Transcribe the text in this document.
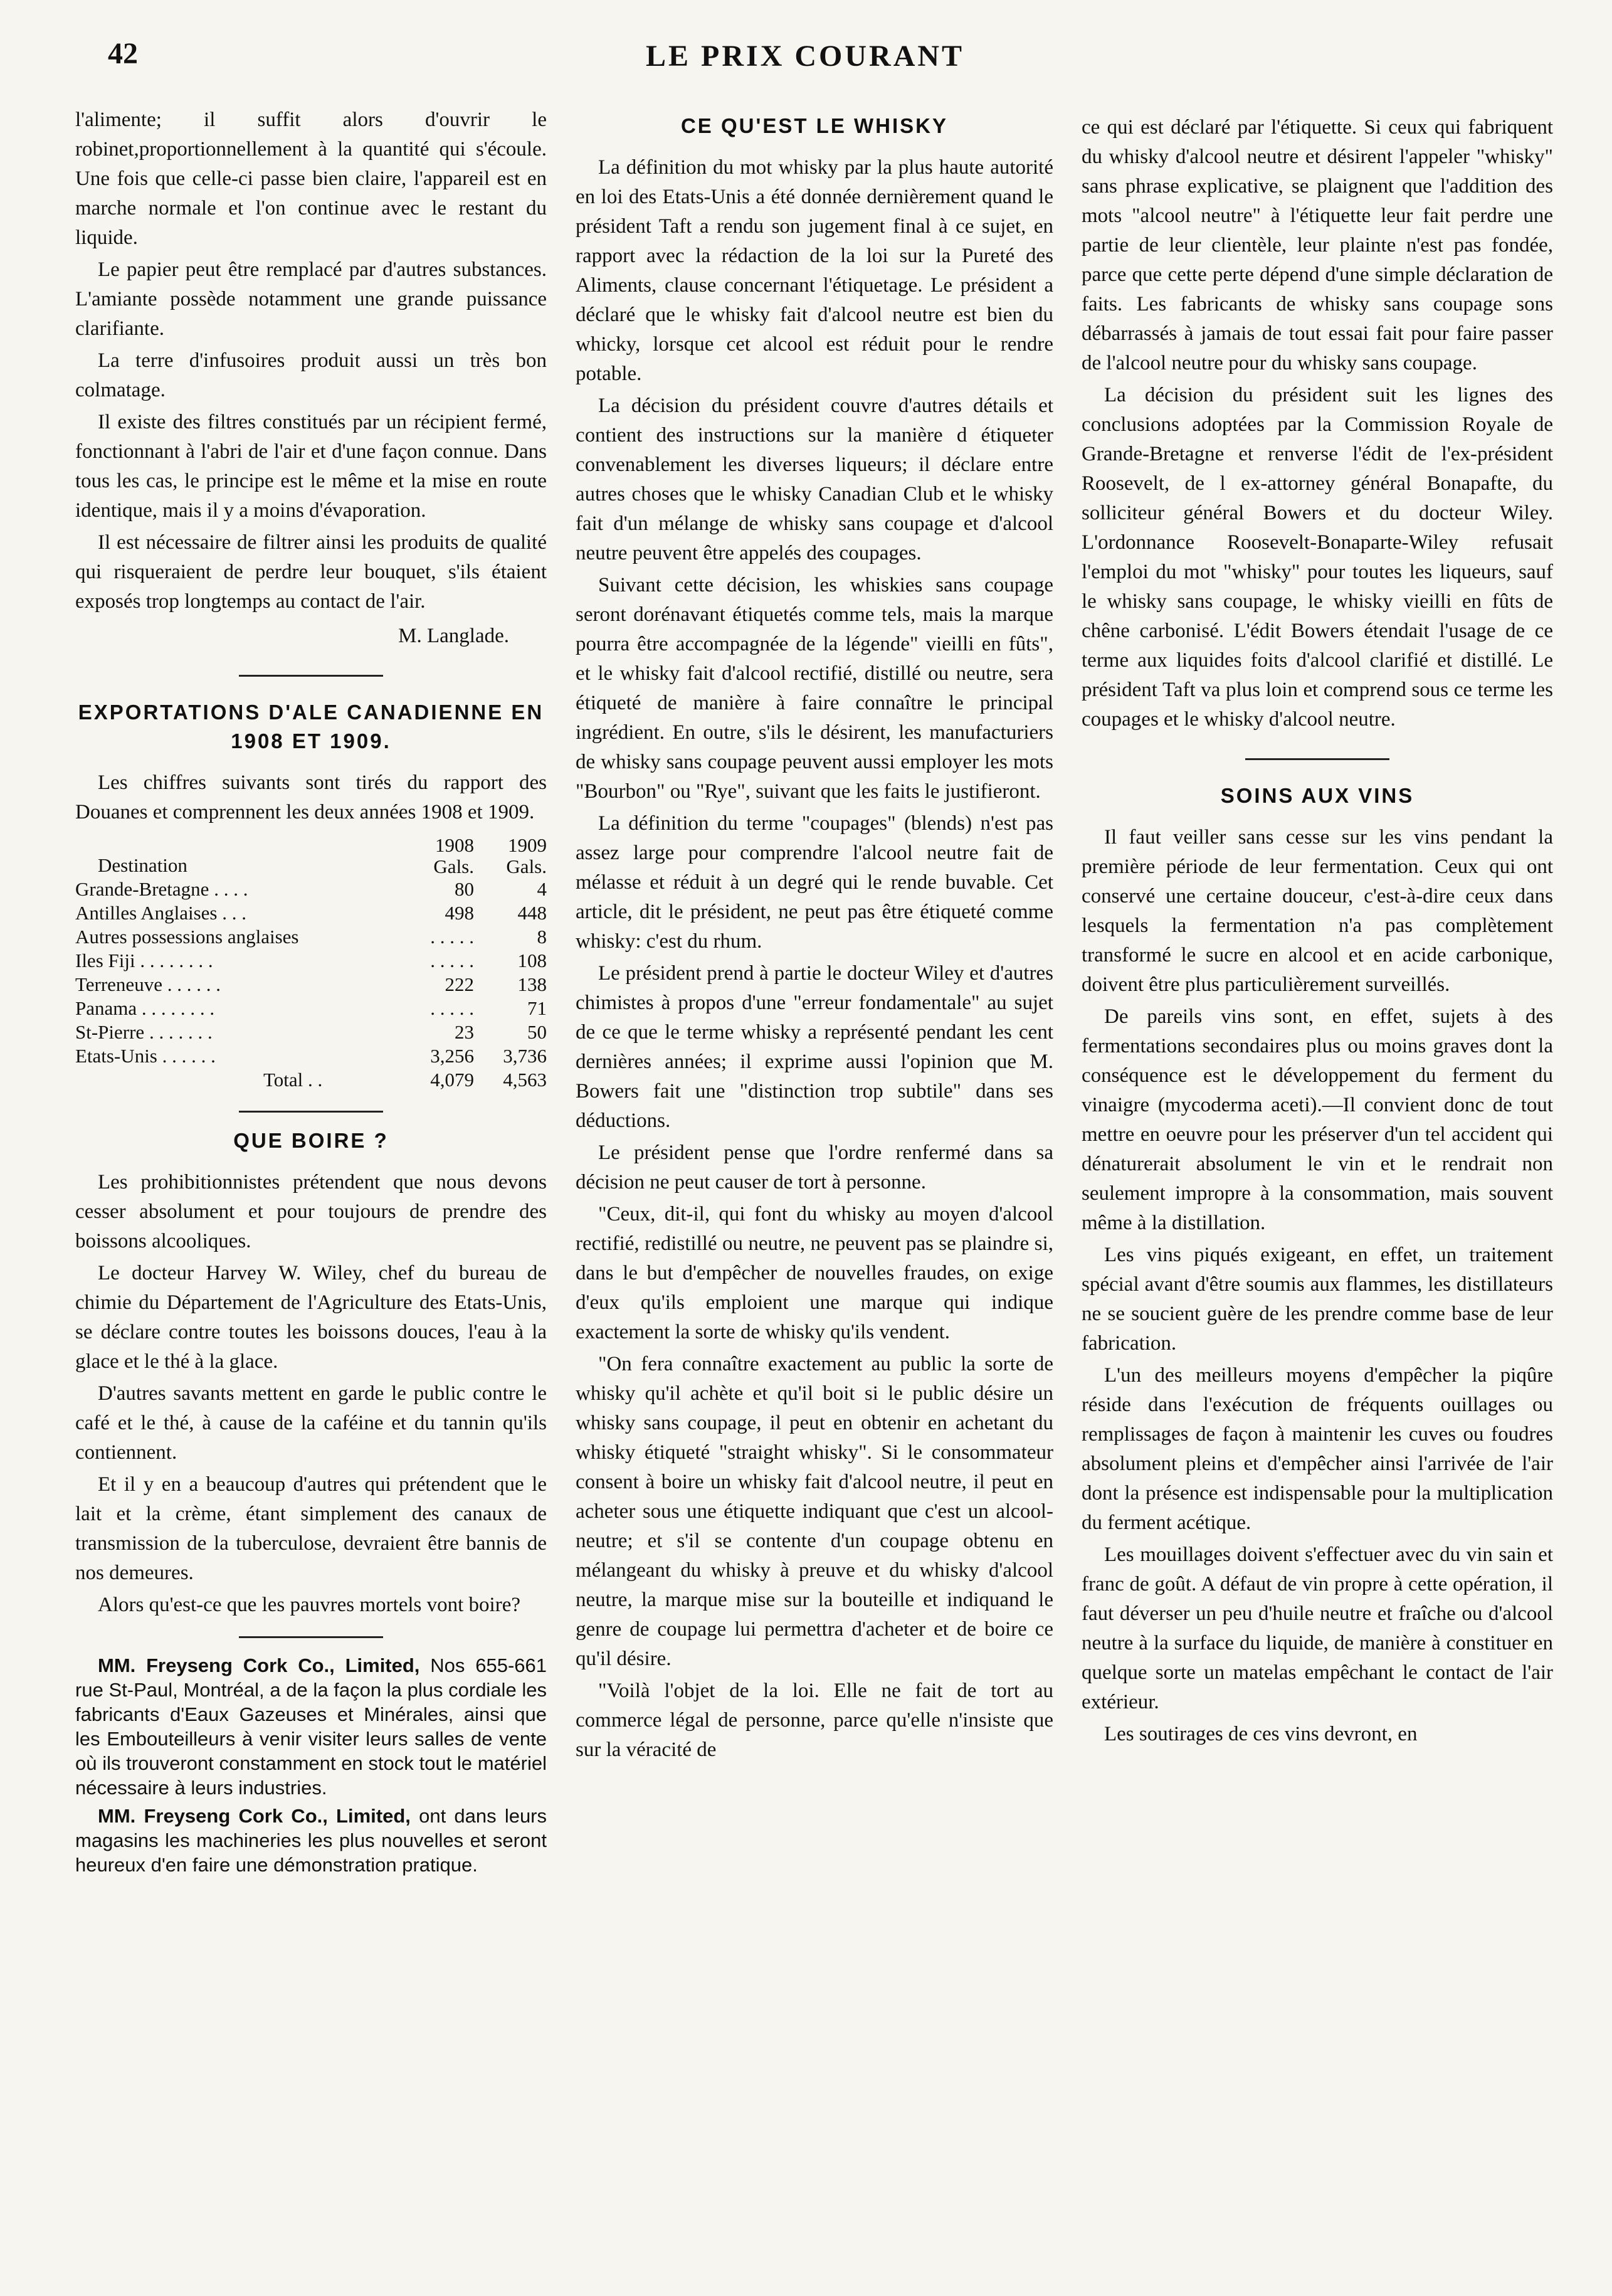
42	LE PRIX COURANT

l'alimente; il suffit alors d'ouvrir le robinet,proportionnellement à la quantité qui s'écoule. Une fois que celle-ci passe bien claire, l'appareil est en marche normale et l'on continue avec le restant du liquide.

Le papier peut être remplacé par d'autres substances. L'amiante possède notamment une grande puissance clarifiante.

La terre d'infusoires produit aussi un très bon colmatage.

Il existe des filtres constitués par un récipient fermé, fonctionnant à l'abri de l'air et d'une façon connue. Dans tous les cas, le principe est le même et la mise en route identique, mais il y a moins d'évaporation.

Il est nécessaire de filtrer ainsi les produits de qualité qui risqueraient de perdre leur bouquet, s'ils étaient exposés trop longtemps au contact de l'air.

M. Langlade.
EXPORTATIONS D'ALE CANADIENNE EN 1908 ET 1909.

Les chiffres suivants sont tirés du rapport des Douanes et comprennent les deux années 1908 et 1909.

Destination	1908 Gals.	1909 Gals.
Grande-Bretagne . . . .	80	4
Antilles Anglaises . . .	498	448
Autres possessions anglaises	. . . . .	8
Iles Fiji . . . . . . . .	. . . . .	108
Terreneuve . . . . . .	222	138
Panama . . . . . . . .	. . . . .	71
St-Pierre . . . . . . .	23	50
Etats-Unis . . . . . .	3,256	3,736
Total . .	4,079	4,563
QUE BOIRE ?

Les prohibitionnistes prétendent que nous devons cesser absolument et pour toujours de prendre des boissons alcooliques.

Le docteur Harvey W. Wiley, chef du bureau de chimie du Département de l'Agriculture des Etats-Unis, se déclare contre toutes les boissons douces, l'eau à la glace et le thé à la glace.

D'autres savants mettent en garde le public contre le café et le thé, à cause de la caféine et du tannin qu'ils contiennent.

Et il y en a beaucoup d'autres qui prétendent que le lait et la crème, étant simplement des canaux de transmission de la tuberculose, devraient être bannis de nos demeures.

Alors qu'est-ce que les pauvres mortels vont boire?

MM. Freyseng Cork Co., Limited, Nos 655-661 rue St-Paul, Montréal, a de la façon la plus cordiale les fabricants d'Eaux Gazeuses et Minérales, ainsi que les Embouteilleurs à venir visiter leurs salles de vente où ils trouveront constamment en stock tout le matériel nécessaire à leurs industries.
MM. Freyseng Cork Co., Limited, ont dans leurs magasins les machineries les plus nouvelles et seront heureux d'en faire une démonstration pratique.
CE QU'EST LE WHISKY

La définition du mot whisky par la plus haute autorité en loi des Etats-Unis a été donnée dernièrement quand le président Taft a rendu son jugement final à ce sujet, en rapport avec la rédaction de la loi sur la Pureté des Aliments, clause concernant l'étiquetage. Le président a déclaré que le whisky fait d'alcool neutre est bien du whicky, lorsque cet alcool est réduit pour le rendre potable.

La décision du président couvre d'autres détails et contient des instructions sur la manière d étiqueter convenablement les diverses liqueurs; il déclare entre autres choses que le whisky Canadian Club et le whisky fait d'un mélange de whisky sans coupage et d'alcool neutre peuvent être appelés des coupages.

Suivant cette décision, les whiskies sans coupage seront dorénavant étiquetés comme tels, mais la marque pourra être accompagnée de la légende" vieilli en fûts", et le whisky fait d'alcool rectifié, distillé ou neutre, sera étiqueté de manière à faire connaître le principal ingrédient. En outre, s'ils le désirent, les manufacturiers de whisky sans coupage peuvent aussi employer les mots "Bourbon" ou "Rye", suivant que les faits le justifieront.

La définition du terme "coupages" (blends) n'est pas assez large pour comprendre l'alcool neutre fait de mélasse et réduit à un degré qui le rende buvable. Cet article, dit le président, ne peut pas être étiqueté comme whisky: c'est du rhum.

Le président prend à partie le docteur Wiley et d'autres chimistes à propos d'une "erreur fondamentale" au sujet de ce que le terme whisky a représenté pendant les cent dernières années; il exprime aussi l'opinion que M. Bowers fait une "distinction trop subtile" dans ses déductions.

Le président pense que l'ordre renfermé dans sa décision ne peut causer de tort à personne.

"Ceux, dit-il, qui font du whisky au moyen d'alcool rectifié, redistillé ou neutre, ne peuvent pas se plaindre si, dans le but d'empêcher de nouvelles fraudes, on exige d'eux qu'ils emploient une marque qui indique exactement la sorte de whisky qu'ils vendent.

"On fera connaître exactement au public la sorte de whisky qu'il achète et qu'il boit si le public désire un whisky sans coupage, il peut en obtenir en achetant du whisky étiqueté "straight whisky". Si le consommateur consent à boire un whisky fait d'alcool neutre, il peut en acheter sous une étiquette indiquant que c'est un alcool- neutre; et s'il se contente d'un coupage obtenu en mélangeant du whisky à preuve et du whisky d'alcool neutre, la marque mise sur la bouteille et indiquand le genre de coupage lui permettra d'acheter et de boire ce qu'il désire.

"Voilà l'objet de la loi. Elle ne fait de tort au commerce légal de personne, parce qu'elle n'insiste que sur la véracité de

ce qui est déclaré par l'étiquette. Si ceux qui fabriquent du whisky d'alcool neutre et désirent l'appeler "whisky" sans phrase explicative, se plaignent que l'addition des mots "alcool neutre" à l'étiquette leur fait perdre une partie de leur clientèle, leur plainte n'est pas fondée, parce que cette perte dépend d'une simple déclaration de faits. Les fabricants de whisky sans coupage sons débarrassés à jamais de tout essai fait pour faire passer de l'alcool neutre pour du whisky sans coupage.

La décision du président suit les lignes des conclusions adoptées par la Commission Royale de Grande-Bretagne et renverse l'édit de l'ex-président Roosevelt, de l ex-attorney général Bonapafte, du solliciteur général Bowers et du docteur Wiley. L'ordonnance Roosevelt-Bonaparte-Wiley refusait l'emploi du mot "whisky" pour toutes les liqueurs, sauf le whisky sans coupage, le whisky vieilli en fûts de chêne carbonisé. L'édit Bowers étendait l'usage de ce terme aux liquides foits d'alcool clarifié et distillé. Le président Taft va plus loin et comprend sous ce terme les coupages et le whisky d'alcool neutre.

SOINS AUX VINS

Il faut veiller sans cesse sur les vins pendant la première période de leur fermentation. Ceux qui ont conservé une certaine douceur, c'est-à-dire ceux dans lesquels la fermentation n'a pas complètement transformé le sucre en alcool et en acide carbonique, doivent être plus particulièrement surveillés.

De pareils vins sont, en effet, sujets à des fermentations secondaires plus ou moins graves dont la conséquence est le développement du ferment du vinaigre (mycoderma aceti).—Il convient donc de tout mettre en oeuvre pour les préserver d'un tel accident qui dénaturerait absolument le vin et le rendrait non seulement impropre à la consommation, mais souvent même à la distillation.

Les vins piqués exigeant, en effet, un traitement spécial avant d'être soumis aux flammes, les distillateurs ne se soucient guère de les prendre comme base de leur fabrication.

L'un des meilleurs moyens d'empêcher la piqûre réside dans l'exécution de fréquents ouillages ou remplissages de façon à maintenir les cuves ou foudres absolument pleins et d'empêcher ainsi l'arrivée de l'air dont la présence est indispensable pour la multiplication du ferment acétique.

Les mouillages doivent s'effectuer avec du vin sain et franc de goût. A défaut de vin propre à cette opération, il faut déverser un peu d'huile neutre et fraîche ou d'alcool neutre à la surface du liquide, de manière à constituer en quelque sorte un matelas empêchant le contact de l'air extérieur.

Les soutirages de ces vins devront, en
